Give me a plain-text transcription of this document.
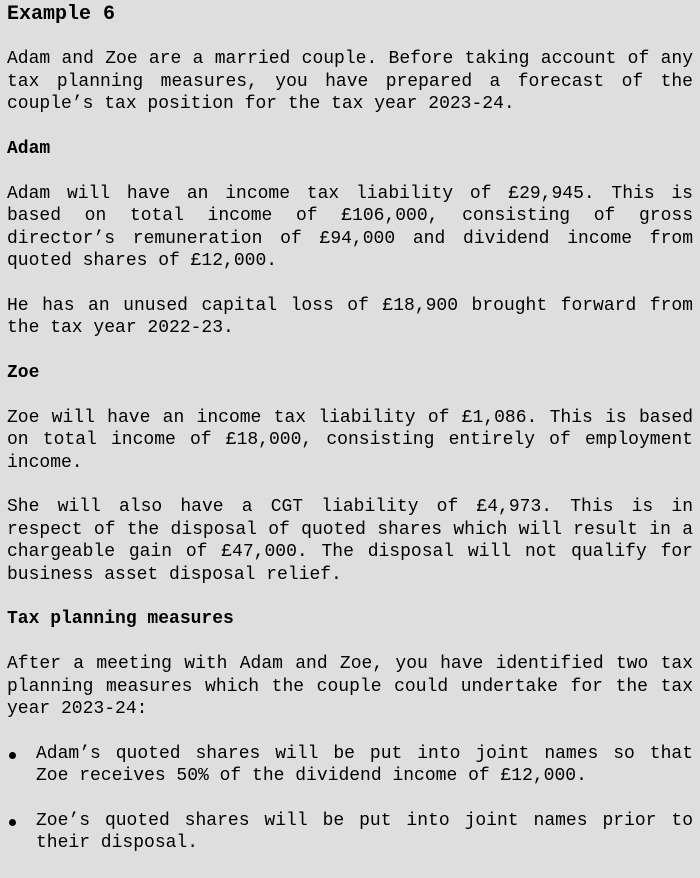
Example 6

Adam and Zoe are a married couple. Before taking account of any tax planning measures, you have prepared a forecast of the couple’s tax position for the tax year 2023-24.

Adam

Adam will have an income tax liability of £29,945. This is based on total income of £106,000, consisting of gross director’s remuneration of £94,000 and dividend income from quoted shares of £12,000.

He has an unused capital loss of £18,900 brought forward from the tax year 2022-23.

Zoe

Zoe will have an income tax liability of £1,086. This is based on total income of £18,000, consisting entirely of employment income.

She will also have a CGT liability of £4,973. This is in respect of the disposal of quoted shares which will result in a chargeable gain of £47,000. The disposal will not qualify for business asset disposal relief.

Tax planning measures

After a meeting with Adam and Zoe, you have identified two tax planning measures which the couple could undertake for the tax year 2023-24:

Adam’s quoted shares will be put into joint names so that Zoe receives 50% of the dividend income of £12,000.
Zoe’s quoted shares will be put into joint names prior to their disposal.
